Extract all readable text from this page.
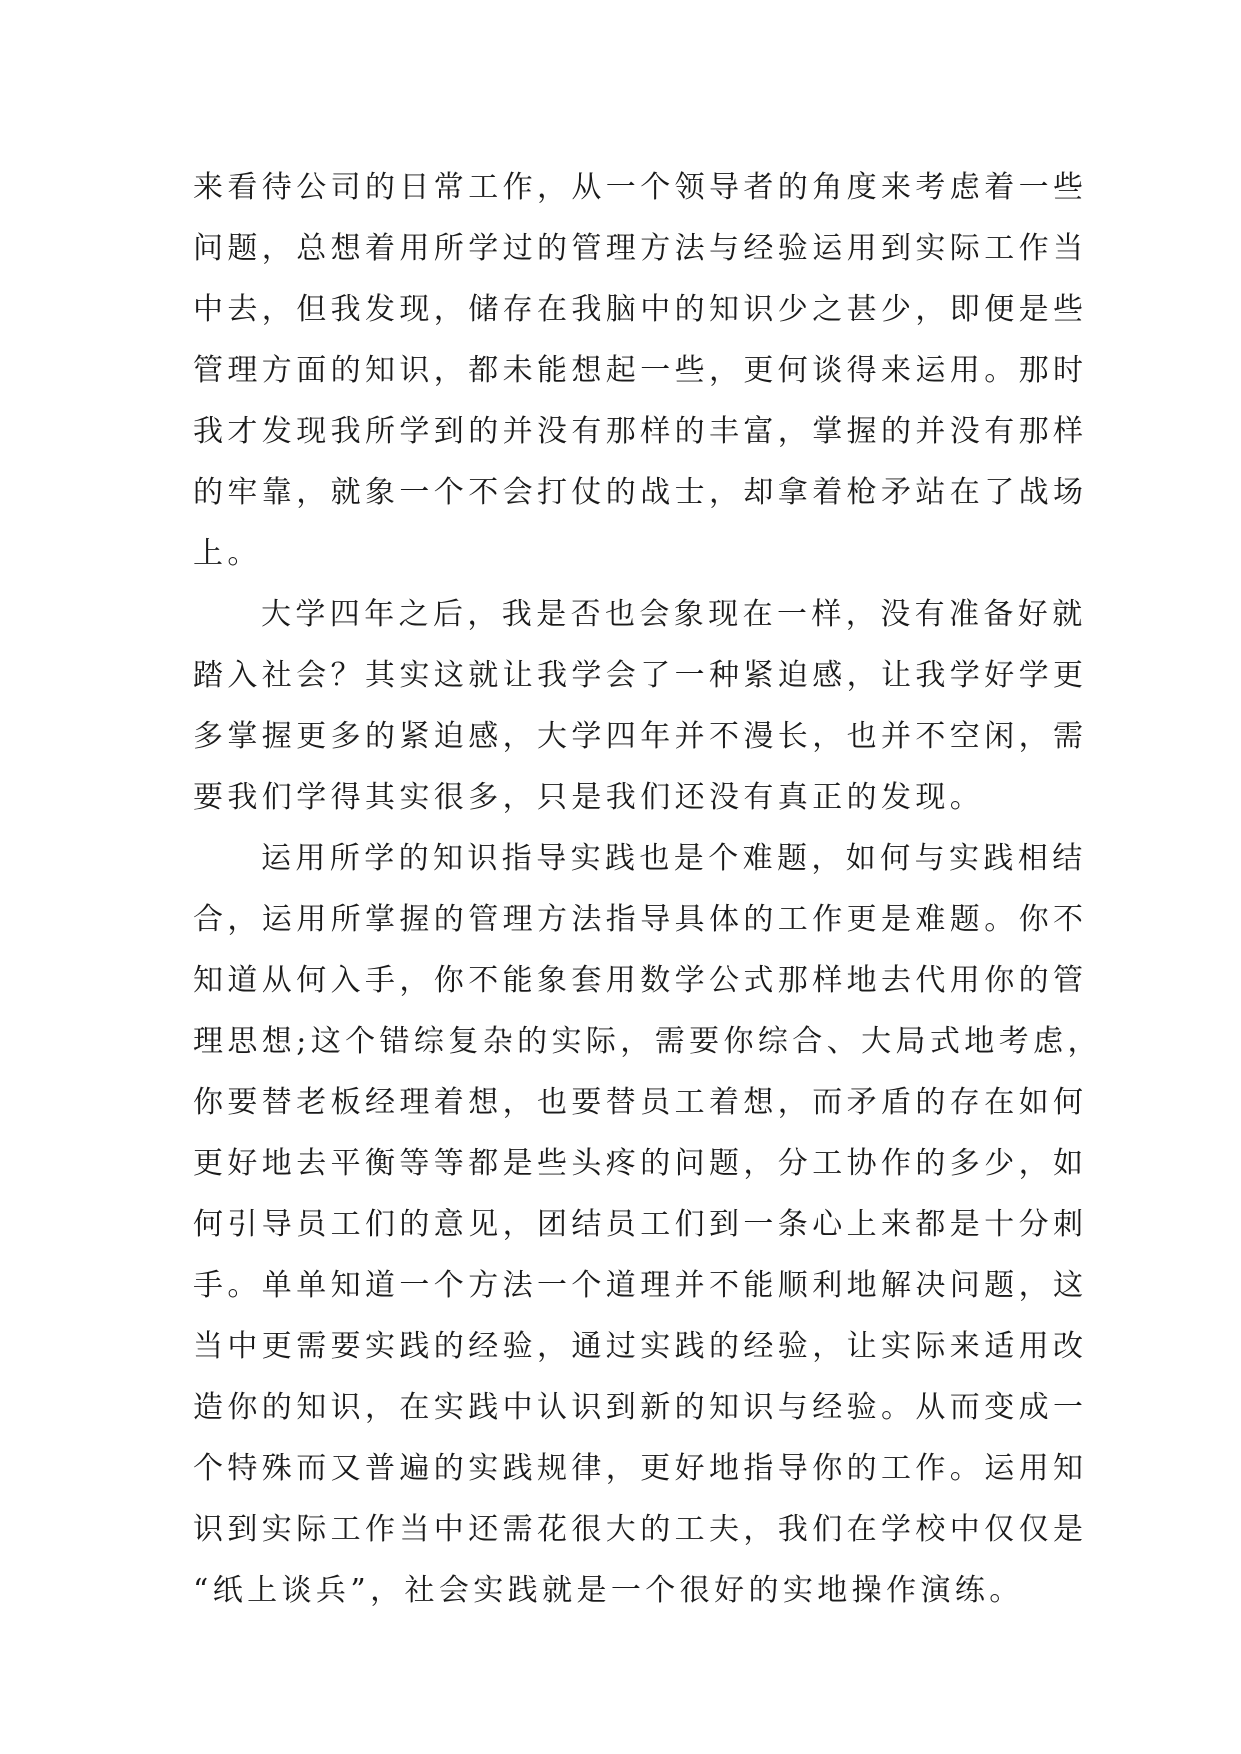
来看待公司的日常工作，从一个领导者的角度来考虑着一些
问题，总想着用所学过的管理方法与经验运用到实际工作当
中去，但我发现，储存在我脑中的知识少之甚少，即便是些
管理方面的知识，都未能想起一些，更何谈得来运用。那时
我才发现我所学到的并没有那样的丰富，掌握的并没有那样
的牢靠，就象一个不会打仗的战士，却拿着枪矛站在了战场
上。
大学四年之后，我是否也会象现在一样，没有准备好就
踏入社会？其实这就让我学会了一种紧迫感，让我学好学更
多掌握更多的紧迫感，大学四年并不漫长，也并不空闲，需
要我们学得其实很多，只是我们还没有真正的发现。
运用所学的知识指导实践也是个难题，如何与实践相结
合，运用所掌握的管理方法指导具体的工作更是难题。你不
知道从何入手，你不能象套用数学公式那样地去代用你的管
理思想;这个错综复杂的实际，需要你综合、大局式地考虑，
你要替老板经理着想，也要替员工着想，而矛盾的存在如何
更好地去平衡等等都是些头疼的问题，分工协作的多少，如
何引导员工们的意见，团结员工们到一条心上来都是十分刺
手。单单知道一个方法一个道理并不能顺利地解决问题，这
当中更需要实践的经验，通过实践的经验，让实际来适用改
造你的知识，在实践中认识到新的知识与经验。从而变成一
个特殊而又普遍的实践规律，更好地指导你的工作。运用知
识到实际工作当中还需花很大的工夫，我们在学校中仅仅是
“纸上谈兵”，社会实践就是一个很好的实地操作演练。
